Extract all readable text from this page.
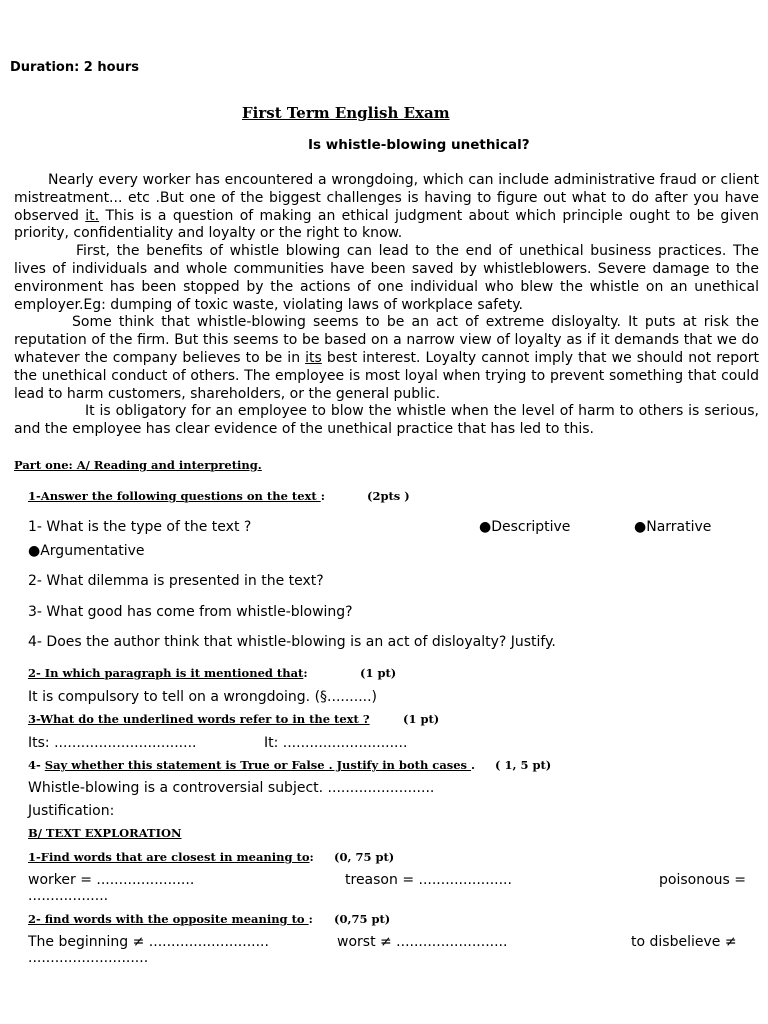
Duration: 2 hours
First Term English Exam
Is whistle-blowing unethical?

Nearly every worker has encountered a wrongdoing, which can include administrative fraud or client mistreatment... etc .But one of the biggest challenges is having to figure out what to do after you have observed it. This is a question of making an ethical judgment about which principle ought to be given priority, confidentiality and loyalty or the right to know.

First, the benefits of whistle blowing can lead to the end of unethical business practices. The lives of individuals and whole communities have been saved by whistleblowers. Severe damage to the environment has been stopped by the actions of one individual who blew the whistle on an unethical employer.Eg: dumping of toxic waste, violating laws of workplace safety.

Some think that whistle-blowing seems to be an act of extreme disloyalty. It puts at risk the reputation of the firm. But this seems to be based on a narrow view of loyalty as if it demands that we do whatever the company believes to be in its best interest. Loyalty cannot imply that we should not report the unethical conduct of others. The employee is most loyal when trying to prevent something that could lead to harm customers, shareholders, or the general public.

It is obligatory for an employee to blow the whistle when the level of harm to others is serious, and the employee has clear evidence of the unethical practice that has led to this.

Part one: A/ Reading and interpreting.
1-Answer the following questions on the text :	(2pts )
1- What is the type of the text ?	●Descriptive	●Narrative
●Argumentative
2- What dilemma is presented in the text?
3- What good has come from whistle-blowing?
4- Does the author think that whistle-blowing is an act of disloyalty? Justify.
2- In which paragraph is it mentioned that:	(1 pt)
It is compulsory to tell on a wrongdoing. (§..........)
3-What do the underlined words refer to in the text ?	(1 pt)
Its: ................................	It: ............................
4- Say whether this statement is True or False . Justify in both cases . ( 1, 5 pt)
Whistle-blowing is a controversial subject. ........................
Justification:
B/ TEXT EXPLORATION
1-Find words that are closest in meaning to: (0, 75 pt)
worker = ......................	treason = .....................	poisonous =
..................
2- find words with the opposite meaning to : (0,75 pt)
The beginning ≠ ...........................	worst ≠ .........................	to disbelieve ≠
...........................
